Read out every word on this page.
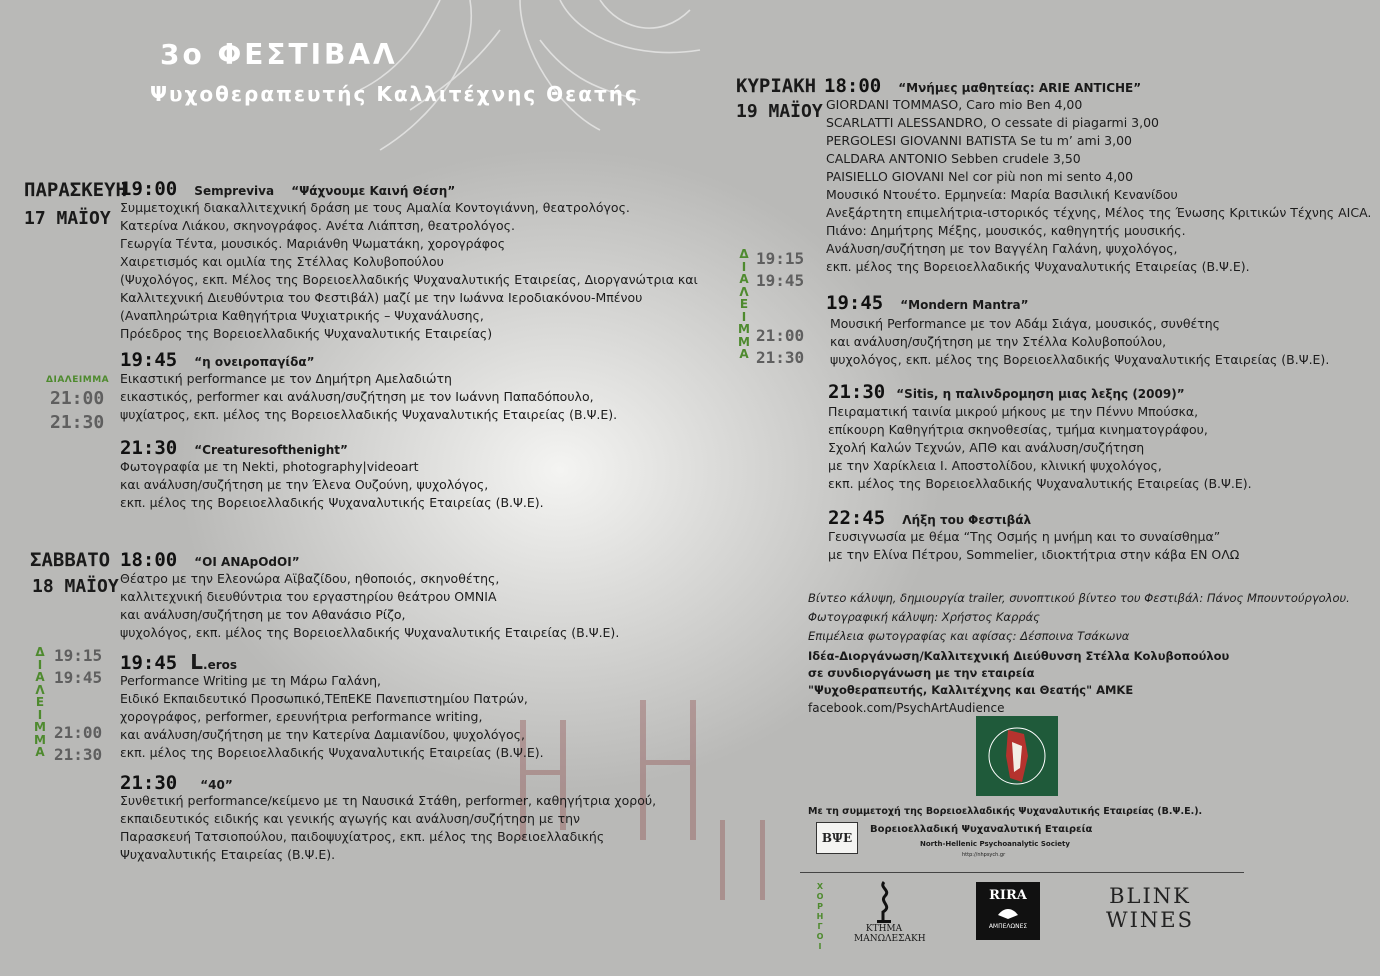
3ο ΦΕΣΤΙΒΑΛ
Ψυχοθεραπευτής Καλλιτέχνης Θεατής
ΠΑΡΑΣΚΕΥΗ
17 ΜΑΪΟΥ
19:00 Sempreviva “Ψάχνουμε Καινή Θέση”
Συμμετοχική διακαλλιτεχνική δράση με τους Αμαλία Κοντογιάννη, θεατρολόγος.
Κατερίνα Λιάκου, σκηνογράφος. Ανέτα Λιάπτση, θεατρολόγος.
Γεωργία Τέντα, μουσικός. Μαριάνθη Ψωματάκη, χορογράφος
Χαιρετισμός και ομιλία της Στέλλας Κολυβοπούλου
(Ψυχολόγος, εκπ. Μέλος της Βορειοελλαδικής Ψυχαναλυτικής Εταιρείας, Διοργανώτρια και
Καλλιτεχνική Διευθύντρια του Φεστιβάλ) μαζί με την Ιωάννα Ιεροδιακόνου-Μπένου
(Αναπληρώτρια Καθηγήτρια Ψυχιατρικής – Ψυχανάλυσης,
Πρόεδρος της Βορειοελλαδικής Ψυχαναλυτικής Εταιρείας)
19:45 “η ονειροπαγίδα”
Εικαστική performance με τον Δημήτρη Αμελαδιώτη
εικαστικός, performer και ανάλυση/συζήτηση με τον Ιωάννη Παπαδόπουλο,
ψυχίατρος, εκπ. μέλος της Βορειοελλαδικής Ψυχαναλυτικής Εταιρείας (Β.Ψ.Ε).
ΔΙΑΛΕΙΜΜΑ
21:00
21:30
21:30 “Creaturesofthenight”
Φωτογραφία με τη Nekti, photography|videoart
και ανάλυση/συζήτηση με την Έλενα Ουζούνη, ψυχολόγος,
εκπ. μέλος της Βορειοελλαδικής Ψυχαναλυτικής Εταιρείας (Β.Ψ.Ε).
ΣΑΒΒΑΤΟ
18 ΜΑΪΟΥ
18:00 “ΟΙ ΑΝΑpΟdΟΙ”
Θέατρο με την Ελεονώρα Αϊβαζίδου, ηθοποιός, σκηνοθέτης,
καλλιτεχνική διευθύντρια του εργαστηρίου θεάτρου ΟΜΝΙΑ
και ανάλυση/συζήτηση με τον Αθανάσιο Ρίζο,
ψυχολόγος, εκπ. μέλος της Βορειοελλαδικής Ψυχαναλυτικής Εταιρείας (Β.Ψ.Ε).
Δ
Ι
Α
Λ
Ε
Ι
Μ
Μ
Α
19:15
19:45
21:00
21:30
19:45 L.eros
Performance Writing με τη Μάρω Γαλάνη,
Ειδικό Εκπαιδευτικό Προσωπικό,ΤΕπΕΚΕ Πανεπιστημίου Πατρών,
χορογράφος, performer, ερευνήτρια performance writing,
και ανάλυση/συζήτηση με την Κατερίνα Δαμιανίδου, ψυχολόγος,
εκπ. μέλος της Βορειοελλαδικής Ψυχαναλυτικής Εταιρείας (Β.Ψ.Ε).
21:30 “40”
Συνθετική performance/κείμενο με τη Ναυσικά Στάθη, performer, καθηγήτρια χορού,
εκπαιδευτικός ειδικής και γενικής αγωγής και ανάλυση/συζήτηση με την
Παρασκευή Τατσιοπούλου, παιδοψυχίατρος, εκπ. μέλος της Βορειοελλαδικής
Ψυχαναλυτικής Εταιρείας (Β.Ψ.Ε).
ΚΥΡΙΑΚΗ
19 ΜΑΪΟΥ
18:00 “Μνήμες μαθητείας: ARIE ANTICHE”
GIORDANI TOMMASO, Caro mio Ben 4,00
SCARLATTI ALESSANDRO, O cessate di piagarmi 3,00
PERGOLESI GIOVANNI BATISTA Se tu m’ ami 3,00
CALDARA ANTONIO Sebben crudele 3,50
PAISIELLO GIOVANI Nel cor più non mi sento 4,00
Μουσικό Ντουέτο. Ερμηνεία: Μαρία Βασιλική Κενανίδου
Ανεξάρτητη επιμελήτρια-ιστορικός τέχνης, Μέλος της Ένωσης Κριτικών Τέχνης AICA.
Πιάνο: Δημήτρης Μέξης, μουσικός, καθηγητής μουσικής.
Ανάλυση/συζήτηση με τον Βαγγέλη Γαλάνη, ψυχολόγος,
εκπ. μέλος της Βορειοελλαδικής Ψυχαναλυτικής Εταιρείας (Β.Ψ.Ε).
Δ
Ι
Α
Λ
Ε
Ι
Μ
Μ
Α
19:15
19:45
21:00
21:30
19:45 “Mondern Mantra”
Μουσική Performance με τον Αδάμ Σιάγα, μουσικός, συνθέτης
και ανάλυση/συζήτηση με την Στέλλα Κολυβοπούλου,
ψυχολόγος, εκπ. μέλος της Βορειοελλαδικής Ψυχαναλυτικής Εταιρείας (Β.Ψ.Ε).
21:30 “Sitis, η παλινδρομηση μιας λεξης (2009)”
Πειραματική ταινία μικρού μήκους με την Πέννυ Μπούσκα,
επίκουρη Καθηγήτρια σκηνοθεσίας, τμήμα κινηματογράφου,
Σχολή Καλών Τεχνών, ΑΠΘ και ανάλυση/συζήτηση
με την Χαρίκλεια Ι. Αποστολίδου, κλινική ψυχολόγος,
εκπ. μέλος της Βορειοελλαδικής Ψυχαναλυτικής Εταιρείας (Β.Ψ.Ε).
22:45 Λήξη του Φεστιβάλ
Γευσιγνωσία με θέμα “Της Οσμής η μνήμη και το συναίσθημα”
με την Ελίνα Πέτρου, Sommelier, ιδιοκτήτρια στην κάβα ΕΝ ΟΛΩ
Βίντεο κάλυψη, δημιουργία trailer, συνοπτικού βίντεο του Φεστιβάλ: Πάνος Μπουντούργολου.
Φωτογραφική κάλυψη: Χρήστος Καρράς
Επιμέλεια φωτογραφίας και αφίσας: Δέσποινα Τσάκωνα
Ιδέα-Διοργάνωση/Καλλιτεχνική Διεύθυνση Στέλλα Κολυβοπούλου
σε συνδιοργάνωση με την εταιρεία
"Ψυχοθεραπευτής, Καλλιτέχνης και Θεατής" ΑΜΚΕ
facebook.com/PsychArtAudience
Με τη συμμετοχή της Βορειοελλαδικής Ψυχαναλυτικής Εταιρείας (Β.Ψ.Ε.).
BΨE
Βορειοελλαδική Ψυχαναλυτική Εταιρεία
North-Hellenic Psychoanalytic Society
http://nhpsych.gr
Χ
Ο
Ρ
Η
Γ
Ο
Ι
ΚΤΗΜΑ
ΜΑΝΩΛΕΣΑΚΗ
RIRA
ΑΜΠΕΛΩΝΕΣ
BLINK
WINES
